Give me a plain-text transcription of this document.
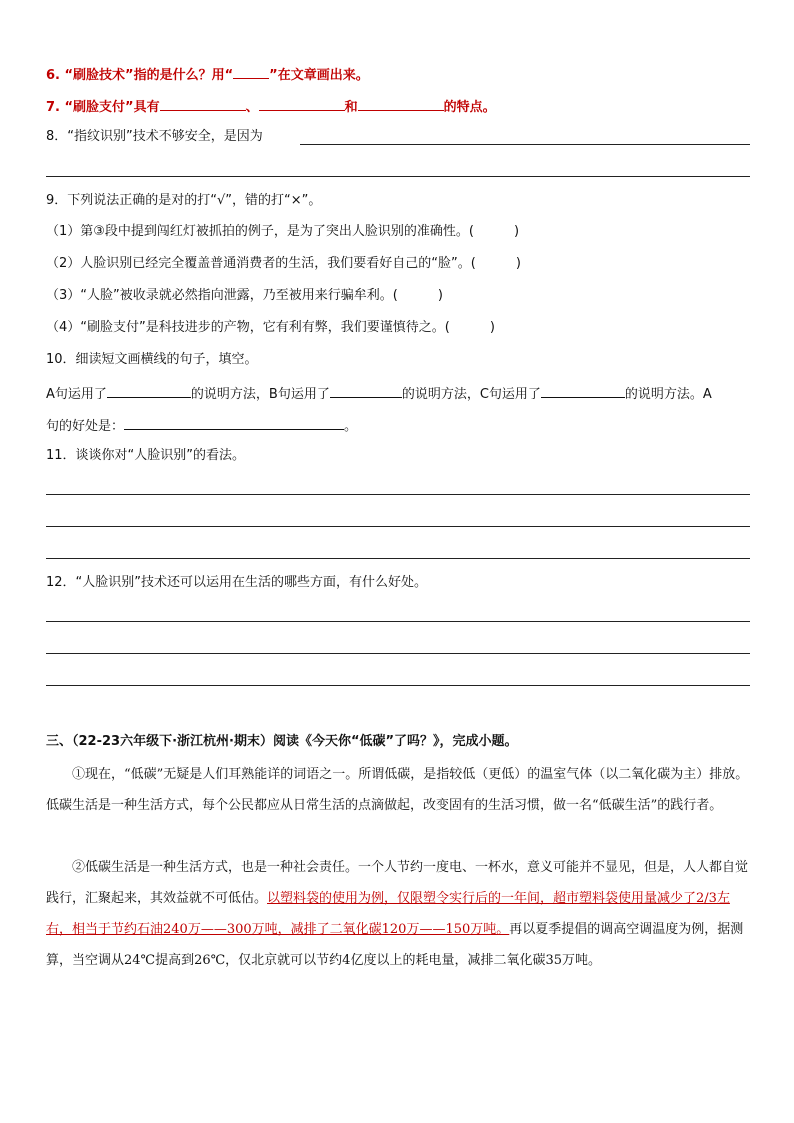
6. “刷脸技术”指的是什么？用“	”在文章画出来。
7. “刷脸支付”具有	、	和	的特点。
8．“指纹识别”技术不够安全，是因为
9．下列说法正确的是对的打“√”，错的打“×”。
（1）第③段中提到闯红灯被抓拍的例子，是为了突出人脸识别的准确性。(	)
（2）人脸识别已经完全覆盖普通消费者的生活，我们要看好自己的“脸”。(	)
（3）“人脸”被收录就必然指向泄露，乃至被用来行骗牟利。(	)
（4）“刷脸支付”是科技进步的产物，它有利有弊，我们要谨慎待之。(	)
10．细读短文画横线的句子，填空。
A句运用了	的说明方法，B句运用了	的说明方法，C句运用了	的说明方法。A
句的好处是：	。
11．谈谈你对“人脸识别”的看法。
12．“人脸识别”技术还可以运用在生活的哪些方面，有什么好处。
三、（22-23六年级下·浙江杭州·期末）阅读《今天你“低碳”了吗？》，完成小题。
①现在，“低碳”无疑是人们耳熟能详的词语之一。所谓低碳，是指较低（更低）的温室气体（以二氧化碳为主）排放。低碳生活是一种生活方式，每个公民都应从日常生活的点滴做起，改变固有的生活习惯，做一名“低碳生活”的践行者。
②低碳生活是一种生活方式，也是一种社会责任。一个人节约一度电、一杯水，意义可能并不显见，但是，人人都自觉践行，汇聚起来，其效益就不可低估。以塑料袋的使用为例，仅限塑令实行后的一年间，超市塑料袋使用量减少了2/3左右，相当于节约石油240万——300万吨，减排了二氧化碳120万——150万吨。再以夏季提倡的调高空调温度为例，据测算，当空调从24℃提高到26℃，仅北京就可以节约4亿度以上的耗电量，减排二氧化碳35万吨。
